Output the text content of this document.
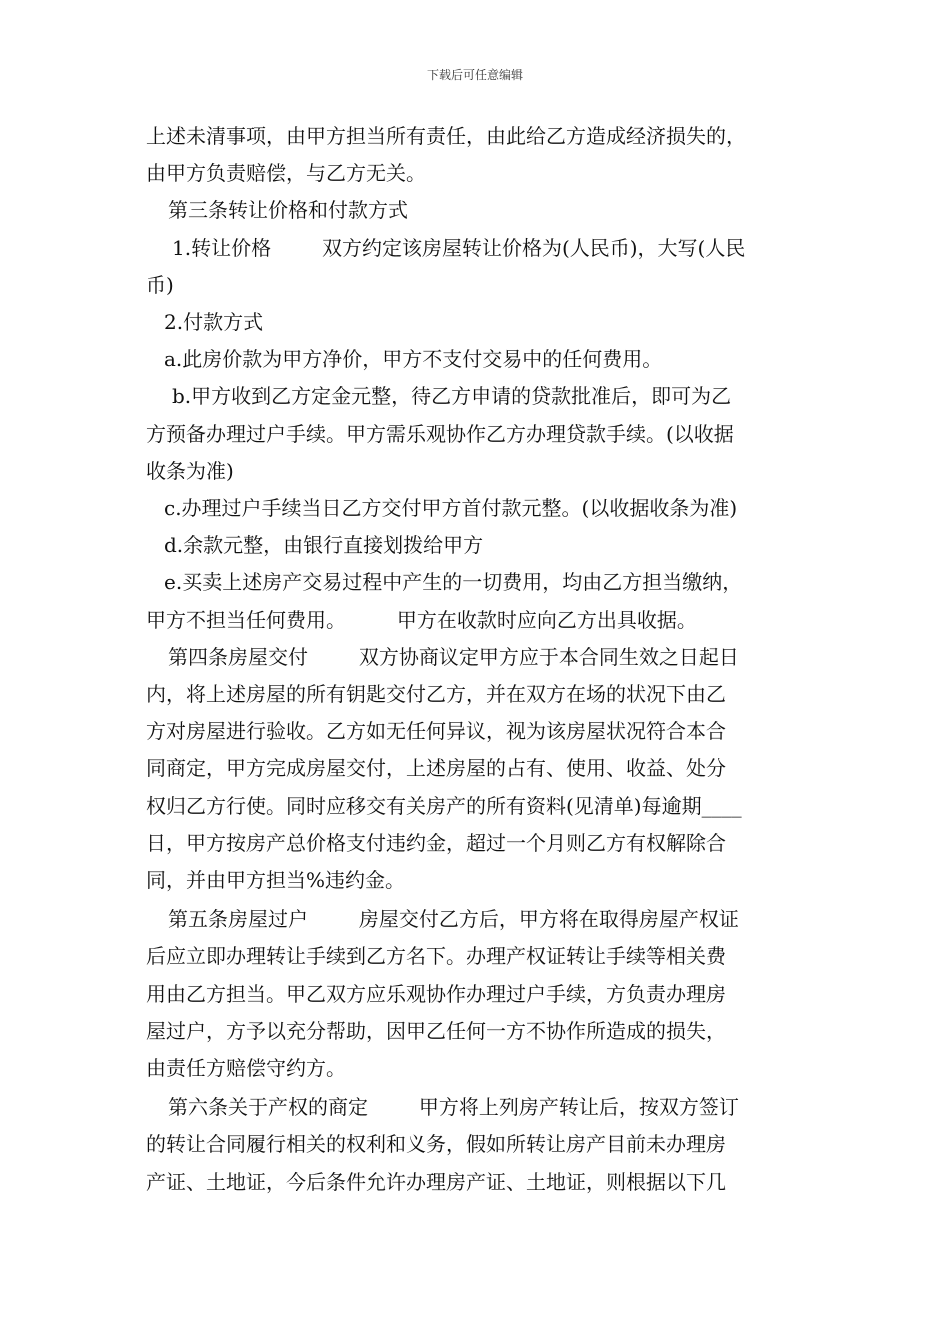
下载后可任意编辑
上述未清事项，由甲方担当所有责任，由此给乙方造成经济损失的，
由甲方负责赔偿，与乙方无关。
第三条转让价格和付款方式
1.转让价格        双方约定该房屋转让价格为(人民币)，大写(人民
币)
2.付款方式
a.此房价款为甲方净价，甲方不支付交易中的任何费用。
b.甲方收到乙方定金元整，待乙方申请的贷款批准后，即可为乙
方预备办理过户手续。甲方需乐观协作乙方办理贷款手续。(以收据
收条为准)
c.办理过户手续当日乙方交付甲方首付款元整。(以收据收条为准)
d.余款元整，由银行直接划拨给甲方
e.买卖上述房产交易过程中产生的一切费用，均由乙方担当缴纳，
甲方不担当任何费用。        甲方在收款时应向乙方出具收据。
第四条房屋交付        双方协商议定甲方应于本合同生效之日起日
内，将上述房屋的所有钥匙交付乙方，并在双方在场的状况下由乙
方对房屋进行验收。乙方如无任何异议，视为该房屋状况符合本合
同商定，甲方完成房屋交付，上述房屋的占有、使用、收益、处分
权归乙方行使。同时应移交有关房产的所有资料(见清单)每逾期____
日，甲方按房产总价格支付违约金，超过一个月则乙方有权解除合
同，并由甲方担当%违约金。
第五条房屋过户        房屋交付乙方后，甲方将在取得房屋产权证
后应立即办理转让手续到乙方名下。办理产权证转让手续等相关费
用由乙方担当。甲乙双方应乐观协作办理过户手续，方负责办理房
屋过户，方予以充分帮助，因甲乙任何一方不协作所造成的损失，
由责任方赔偿守约方。
第六条关于产权的商定        甲方将上列房产转让后，按双方签订
的转让合同履行相关的权利和义务，假如所转让房产目前未办理房
产证、土地证，今后条件允许办理房产证、土地证，则根据以下几
